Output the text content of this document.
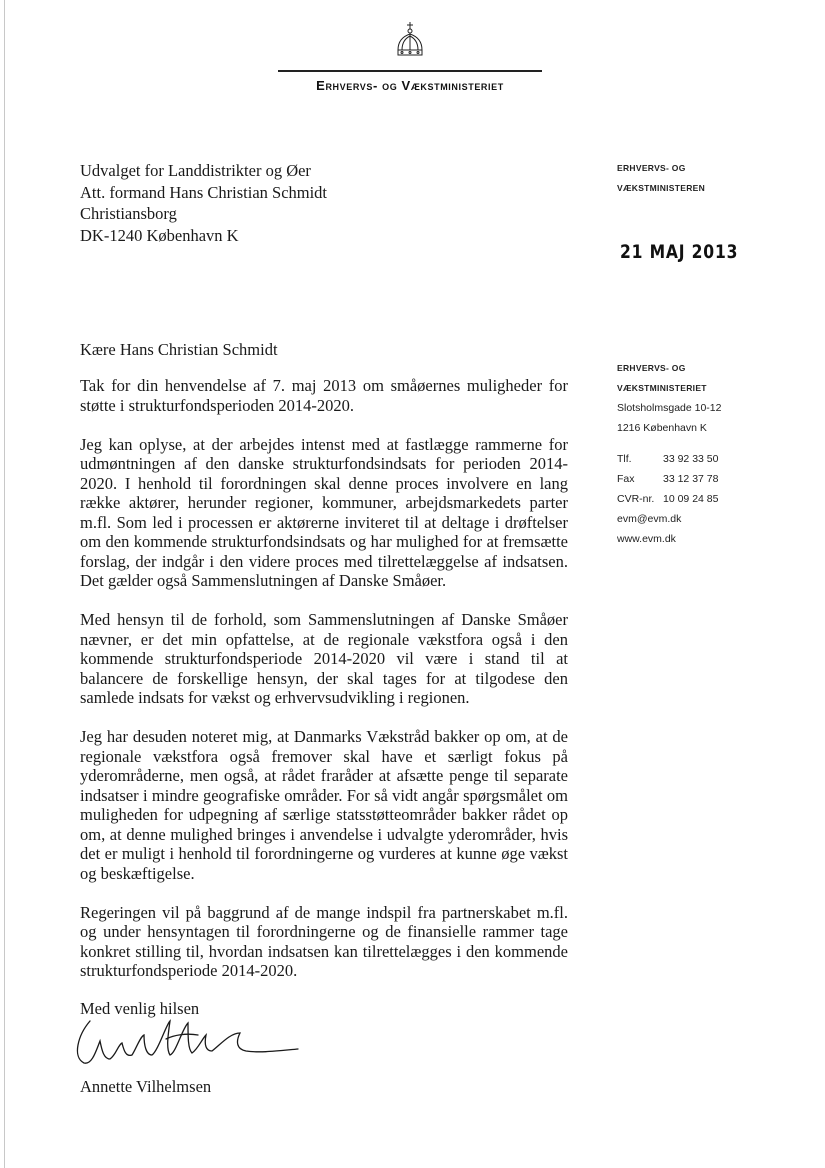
Erhvervs- og Vækstministeriet
Udvalget for Landdistrikter og Øer
Att. formand Hans Christian Schmidt
Christiansborg
DK-1240 København K
ERHVERVS- OG
VÆKSTMINISTEREN
21 MAJ 2013
ERHVERVS- OG
VÆKSTMINISTERIET
Slotsholmsgade 10-12
1216 København K
Tlf.	33 92 33 50
Fax	33 12 37 78
CVR-nr. 10 09 24 85
evm@evm.dk
www.evm.dk
Kære Hans Christian Schmidt

Tak for din henvendelse af 7. maj 2013 om småøernes muligheder for støtte i strukturfondsperioden 2014-2020.

Jeg kan oplyse, at der arbejdes intenst med at fastlægge rammerne for udmøntningen af den danske strukturfondsindsats for perioden 2014-2020. I henhold til forordningen skal denne proces involvere en lang række aktører, herunder regioner, kommuner, arbejdsmarkedets parter m.fl. Som led i processen er aktørerne inviteret til at deltage i drøftelser om den kommende strukturfondsindsats og har mulighed for at fremsætte forslag, der indgår i den videre proces med tilrettelæggelse af indsatsen. Det gælder også Sammenslutningen af Danske Småøer.

Med hensyn til de forhold, som Sammenslutningen af Danske Småøer nævner, er det min opfattelse, at de regionale vækstfora også i den kommende strukturfondsperiode 2014-2020 vil være i stand til at balancere de forskellige hensyn, der skal tages for at tilgodese den samlede indsats for vækst og erhvervsudvikling i regionen.

Jeg har desuden noteret mig, at Danmarks Vækstråd bakker op om, at de regionale vækstfora også fremover skal have et særligt fokus på yderområderne, men også, at rådet fraråder at afsætte penge til separate indsatser i mindre geografiske områder. For så vidt angår spørgsmålet om muligheden for udpegning af særlige statsstøtteområder bakker rådet op om, at denne mulighed bringes i anvendelse i udvalgte yderområder, hvis det er muligt i henhold til forordningerne og vurderes at kunne øge vækst og beskæftigelse.

Regeringen vil på baggrund af de mange indspil fra partnerskabet m.fl. og under hensyntagen til forordningerne og de finansielle rammer tage konkret stilling til, hvordan indsatsen kan tilrettelægges i den kommende strukturfondsperiode 2014-2020.

Med venlig hilsen
Annette Vilhelmsen
